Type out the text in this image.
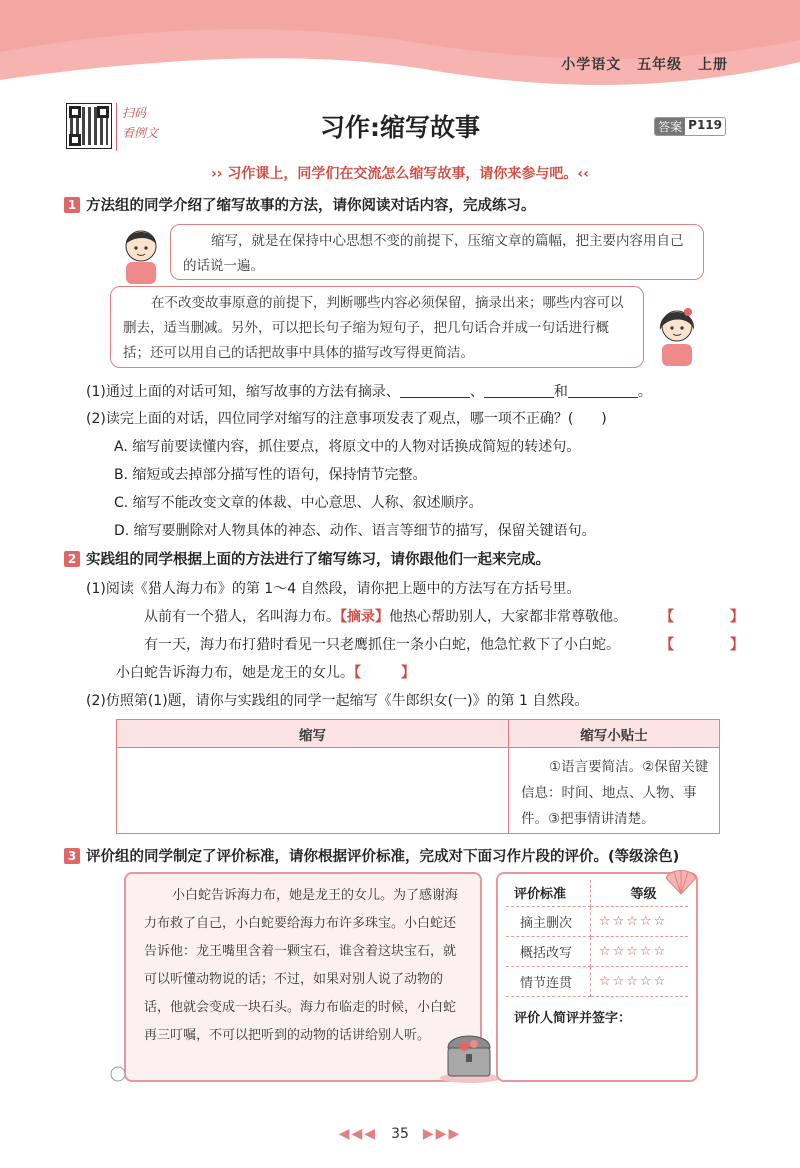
小学语文 五年级 上册
扫码
看例文	习作:缩写故事	答案 P119
›› 习作课上，同学们在交流怎么缩写故事，请你来参与吧。‹‹
1 方法组的同学介绍了缩写故事的方法，请你阅读对话内容，完成练习。

缩写，就是在保持中心思想不变的前提下，压缩文章的篇幅，把主要内容用自己的话说一遍。

在不改变故事原意的前提下，判断哪些内容必须保留，摘录出来；哪些内容可以删去，适当删减。另外，可以把长句子缩为短句子，把几句话合并成一句话进行概括；还可以用自己的话把故事中具体的描写改写得更简洁。

(1)通过上面的对话可知，缩写故事的方法有摘录、	、	和	。
(2)读完上面的对话，四位同学对缩写的注意事项发表了观点，哪一项不正确？(　　)
A. 缩写前要读懂内容，抓住要点，将原文中的人物对话换成简短的转述句。
B. 缩短或去掉部分描写性的语句，保持情节完整。
C. 缩写不能改变文章的体裁、中心意思、人称、叙述顺序。
D. 缩写要删除对人物具体的神态、动作、语言等细节的描写，保留关键语句。
2 实践组的同学根据上面的方法进行了缩写练习，请你跟他们一起来完成。
(1)阅读《猎人海力布》的第 1～4 自然段，请你把上题中的方法写在方括号里。
从前有一个猎人，名叫海力布。【摘录】他热心帮助别人，大家都非常尊敬他。 【	】
有一天，海力布打猎时看见一只老鹰抓住一条小白蛇，他急忙救下了小白蛇。	【	】
小白蛇告诉海力布，她是龙王的女儿。【	】
(2)仿照第(1)题，请你与实践组的同学一起缩写《牛郎织女(一)》的第 1 自然段。
缩写	缩写小贴士

	①语言要简洁。②保留关键信息：时间、地点、人物、事件。③把事情讲清楚。
3 评价组的同学制定了评价标准，请你根据评价标准，完成对下面习作片段的评价。(等级涂色)

小白蛇告诉海力布，她是龙王的女儿。为了感谢海力布救了自己，小白蛇要给海力布许多珠宝。小白蛇还告诉他：龙王嘴里含着一颗宝石，谁含着这块宝石，就可以听懂动物说的话；不过，如果对别人说了动物的话，他就会变成一块石头。海力布临走的时候，小白蛇再三叮嘱，不可以把听到的动物的话讲给别人听。

评价标准	等级
摘主删次	☆☆☆☆☆
概括改写	☆☆☆☆☆
情节连贯	☆☆☆☆☆
评价人简评并签字：
◀◀◀ 35 ▶▶▶
